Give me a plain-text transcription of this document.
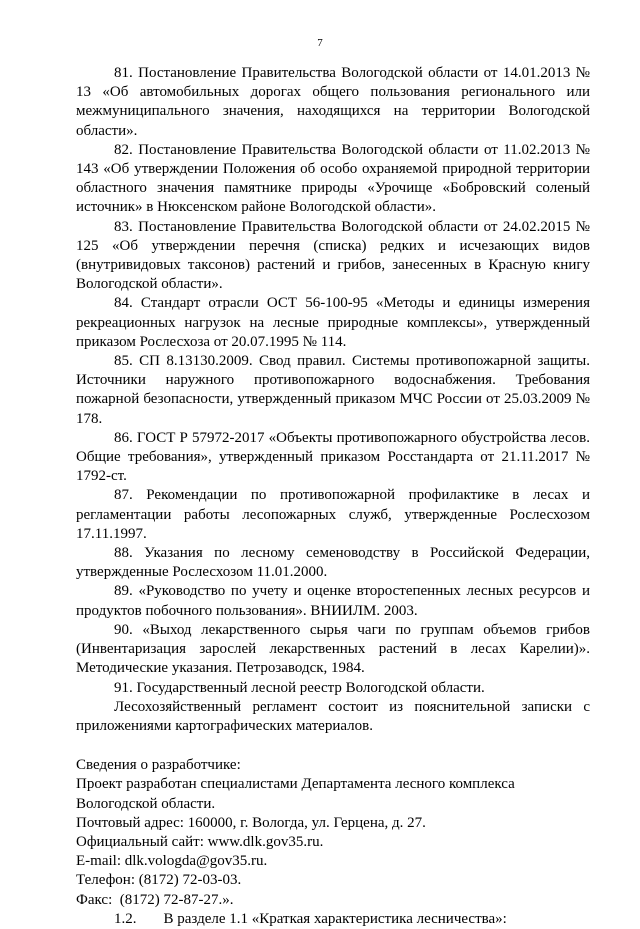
7

81. Постановление Правительства Вологодской области от 14.01.2013 № 13 «Об автомобильных дорогах общего пользования регионального или межмуниципального значения, находящихся на территории Вологодской области».

82. Постановление Правительства Вологодской области от 11.02.2013 № 143 «Об утверждении Положения об особо охраняемой природной территории областного значения памятнике природы «Урочище «Бобровский соленый источник» в Нюксенском районе Вологодской области».

83. Постановление Правительства Вологодской области от 24.02.2015 № 125 «Об утверждении перечня (списка) редких и исчезающих видов (внутривидовых таксонов) растений и грибов, занесенных в Красную книгу Вологодской области».

84. Стандарт отрасли ОСТ 56-100-95 «Методы и единицы измерения рекреационных нагрузок на лесные природные комплексы», утвержденный приказом Рослесхоза от 20.07.1995 № 114.

85. СП 8.13130.2009. Свод правил. Системы противопожарной защиты. Источники наружного противопожарного водоснабжения. Требования пожарной безопасности, утвержденный приказом МЧС России от 25.03.2009 № 178.

86. ГОСТ Р 57972-2017 «Объекты противопожарного обустройства лесов. Общие требования», утвержденный приказом Росстандарта от 21.11.2017 № 1792-ст.

87. Рекомендации по противопожарной профилактике в лесах и регламентации работы лесопожарных служб, утвержденные Рослесхозом 17.11.1997.

88. Указания по лесному семеноводству в Российской Федерации, утвержденные Рослесхозом 11.01.2000.

89. «Руководство по учету и оценке второстепенных лесных ресурсов и продуктов побочного пользования». ВНИИЛМ. 2003.

90. «Выход лекарственного сырья чаги по группам объемов грибов (Инвентаризация зарослей лекарственных растений в лесах Карелии)». Методические указания. Петрозаводск, 1984.

91. Государственный лесной реестр Вологодской области.

Лесохозяйственный регламент состоит из пояснительной записки с приложениями картографических материалов.

Сведения о разработчике:

Проект разработан специалистами Департамента лесного комплекса Вологодской области.

Почтовый адрес: 160000, г. Вологда, ул. Герцена, д. 27.

Официальный сайт: www.dlk.gov35.ru.

E-mail: dlk.vologda@gov35.ru.

Телефон: (8172) 72-03-03.

Факс:  (8172) 72-87-27.».

1.2. В разделе 1.1 «Краткая характеристика лесничества»:
